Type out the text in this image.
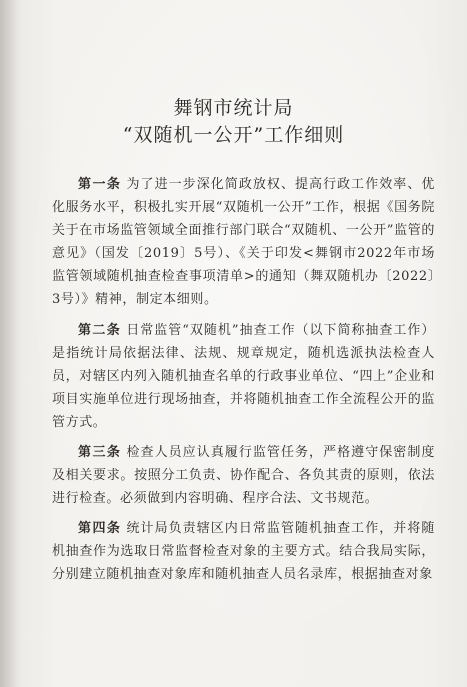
舞钢市统计局
“双随机一公开”工作细则

第一条 为了进一步深化简政放权、提高行政工作效率、优化服务水平，积极扎实开展“双随机一公开”工作，根据《国务院关于在市场监管领域全面推行部门联合“双随机、一公开”监管的意见》（国发〔2019〕5号）、《关于印发<舞钢市2022年市场监管领域随机抽查检查事项清单>的通知（舞双随机办〔2022〕3号）》精神，制定本细则。

第二条 日常监管“双随机”抽查工作（以下简称抽查工作）是指统计局依据法律、法规、规章规定，随机选派执法检查人员，对辖区内列入随机抽查名单的行政事业单位、“四上”企业和项目实施单位进行现场抽查，并将随机抽查工作全流程公开的监管方式。

第三条 检查人员应认真履行监管任务，严格遵守保密制度及相关要求。按照分工负责、协作配合、各负其责的原则，依法进行检查。必须做到内容明确、程序合法、文书规范。

第四条 统计局负责辖区内日常监管随机抽查工作，并将随机抽查作为选取日常监督检查对象的主要方式。结合我局实际，分别建立随机抽查对象库和随机抽查人员名录库，根据抽查对象
